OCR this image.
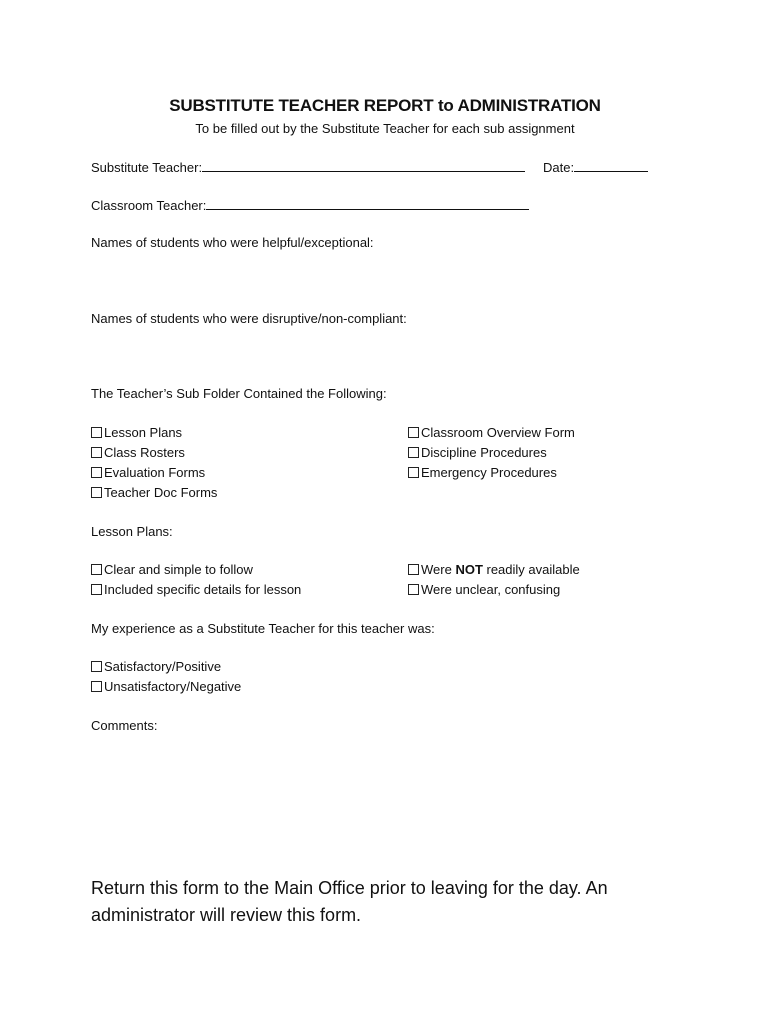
SUBSTITUTE TEACHER REPORT to ADMINISTRATION
To be filled out by the Substitute Teacher for each sub assignment
Substitute Teacher:	Date:
Classroom Teacher:
Names of students who were helpful/exceptional:
Names of students who were disruptive/non-compliant:
The Teacher’s Sub Folder Contained the Following:
Lesson Plans
Class Rosters
Evaluation Forms
Teacher Doc Forms
Classroom Overview Form
Discipline Procedures
Emergency Procedures
Lesson Plans:
Clear and simple to follow
Included specific details for lesson
Were NOT readily available
Were unclear, confusing
My experience as a Substitute Teacher for this teacher was:
Satisfactory/Positive
Unsatisfactory/Negative
Comments:
Return this form to the Main Office prior to leaving for the day. An administrator will review this form.
